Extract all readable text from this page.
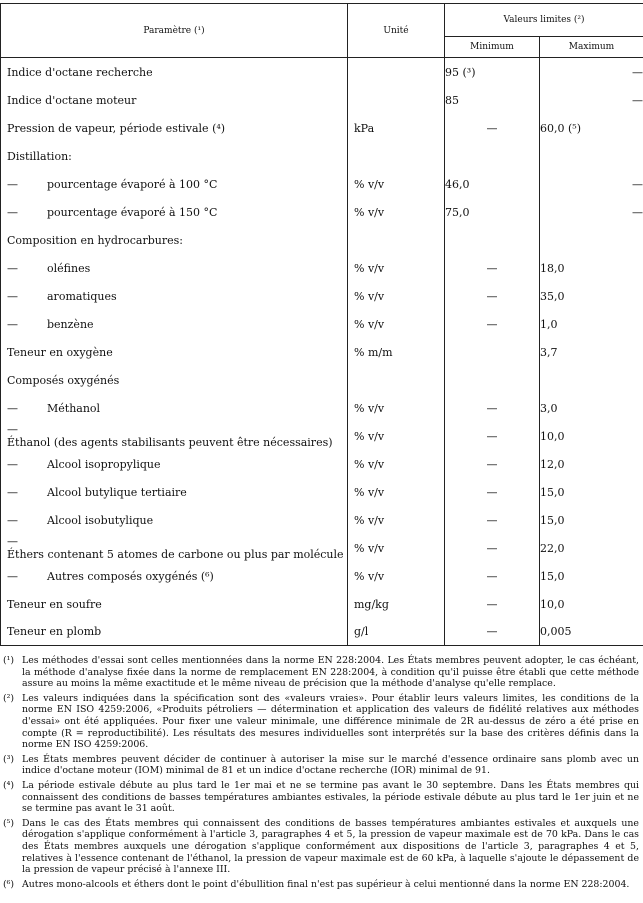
Paramètre (¹)	Unité	Valeurs limites (²)	
		Minimum	Maximum
Indice d'octane recherche		95 (³)	—
Indice d'octane moteur		85	—
Pression de vapeur, période estivale (⁴)	kPa	—	60,0 (⁵)
Distillation:			
— pourcentage évaporé à 100 °C	% v/v	46,0	—
— pourcentage évaporé à 150 °C	% v/v	75,0	—
Composition en hydrocarbures:			
— oléfines	% v/v	—	18,0
— aromatiques	% v/v	—	35,0
— benzène	% v/v	—	1,0
Teneur en oxygène	% m/m		3,7
Composés oxygénés			
— Méthanol	% v/v	—	3,0
—Éthanol (des agents stabilisants peuvent être nécessaires)	% v/v	—	10,0
— Alcool isopropylique	% v/v	—	12,0
— Alcool butylique tertiaire	% v/v	—	15,0
— Alcool isobutylique	% v/v	—	15,0
—Éthers contenant 5 atomes de carbone ou plus par molécule	% v/v	—	22,0
— Autres composés oxygénés (⁶)	% v/v	—	15,0
Teneur en soufre	mg/kg	—	10,0
Teneur en plomb	g/l	—	0,005
(¹) Les méthodes d'essai sont celles mentionnées dans la norme EN 228:2004. Les États membres peuvent adopter, le cas échéant, la méthode d'analyse fixée dans la norme de remplacement EN 228:2004, à condition qu'il puisse être établi que cette méthode assure au moins la même exactitude et le même niveau de précision que la méthode d'analyse qu'elle remplace.
(²) Les valeurs indiquées dans la spécification sont des «valeurs vraies». Pour établir leurs valeurs limites, les conditions de la norme EN ISO 4259:2006, «Produits pétroliers — détermination et application des valeurs de fidélité relatives aux méthodes d'essai» ont été appliquées. Pour fixer une valeur minimale, une différence minimale de 2R au-dessus de zéro a été prise en compte (R = reproductibilité). Les résultats des mesures individuelles sont interprétés sur la base des critères définis dans la norme EN ISO 4259:2006.
(³) Les États membres peuvent décider de continuer à autoriser la mise sur le marché d'essence ordinaire sans plomb avec un indice d'octane moteur (IOM) minimal de 81 et un indice d'octane recherche (IOR) minimal de 91.
(⁴) La période estivale débute au plus tard le 1er mai et ne se termine pas avant le 30 septembre. Dans les États membres qui connaissent des conditions de basses températures ambiantes estivales, la période estivale débute au plus tard le 1er juin et ne se termine pas avant le 31 août.
(⁵) Dans le cas des États membres qui connaissent des conditions de basses températures ambiantes estivales et auxquels une dérogation s'applique conformément à l'article 3, paragraphes 4 et 5, la pression de vapeur maximale est de 70 kPa. Dans le cas des États membres auxquels une dérogation s'applique conformément aux dispositions de l'article 3, paragraphes 4 et 5, relatives à l'essence contenant de l'éthanol, la pression de vapeur maximale est de 60 kPa, à laquelle s'ajoute le dépassement de la pression de vapeur précisé à l'annexe III.
(⁶) Autres mono-alcools et éthers dont le point d'ébullition final n'est pas supérieur à celui mentionné dans la norme EN 228:2004.
